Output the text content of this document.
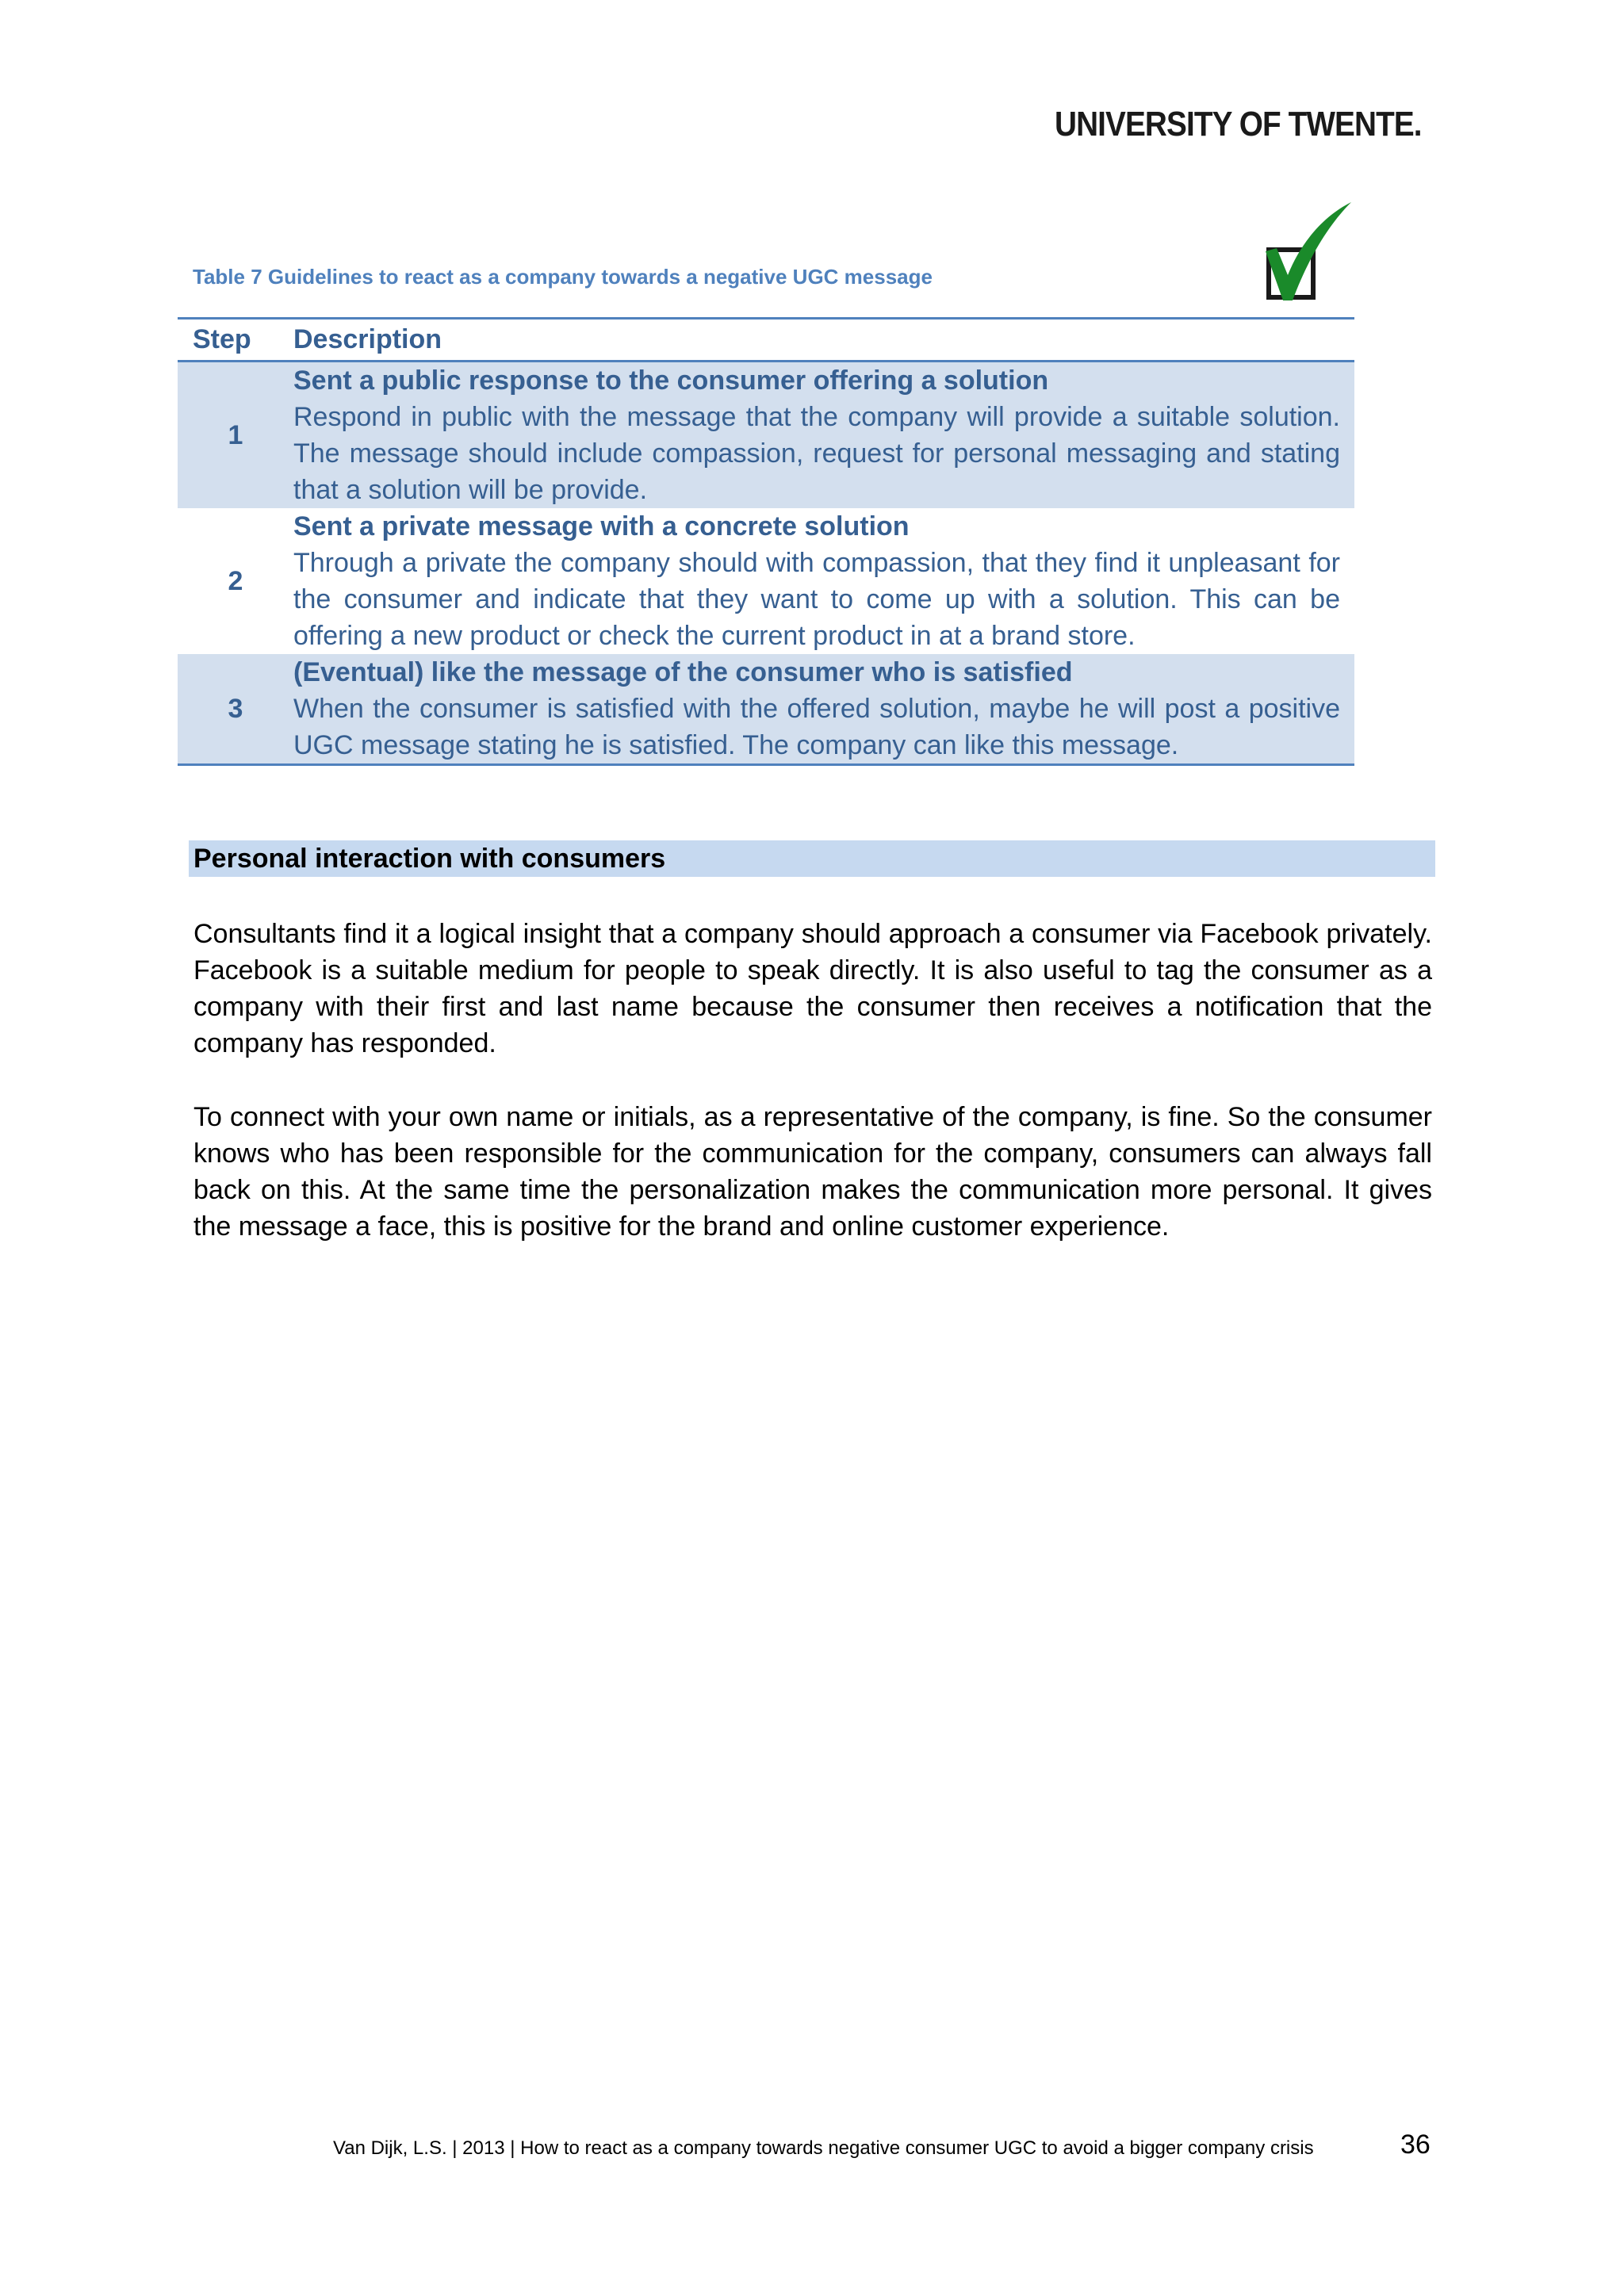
UNIVERSITY OF TWENTE.
Table 7 Guidelines to react as a company towards a negative UGC message
Step	Description
1
Sent a public response to the consumer offering a solution
Respond in public with the message that the company will provide a suitable solution. The message should include compassion, request for personal messaging and stating that a solution will be provide.
2
Sent a private message with a concrete solution
Through a private the company should with compassion, that they find it unpleasant for the consumer and indicate that they want to come up with a solution. This can be offering a new product or check the current product in at a brand store.
3
(Eventual) like the message of the consumer who is satisfied
When the consumer is satisfied with the offered solution, maybe he will post a positive UGC message stating he is satisfied. The company can like this message.
Personal interaction with consumers

Consultants find it a logical insight that a company should approach a consumer via Facebook privately. Facebook is a suitable medium for people to speak directly. It is also useful to tag the consumer as a company with their first and last name because the consumer then receives a notification that the company has responded.

To connect with your own name or initials, as a representative of the company, is fine. So the consumer knows who has been responsible for the communication for the company, consumers can always fall back on this. At the same time the personalization makes the communication more personal. It gives the message a face, this is positive for the brand and online customer experience.

Van Dijk, L.S. | 2013 | How to react as a company towards negative consumer UGC to avoid a bigger company crisis	36
